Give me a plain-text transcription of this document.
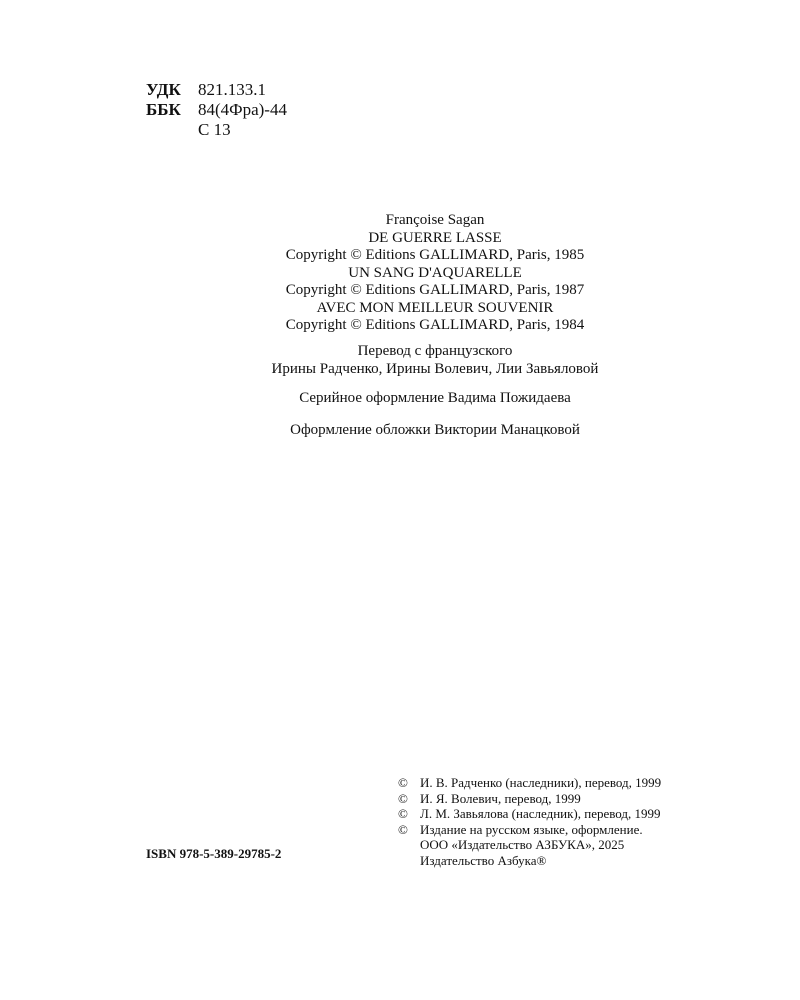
УДК	821.133.1
ББК	84(4Фра)-44
С 13
Françoise Sagan
DE GUERRE LASSE
Copyright © Editions GALLIMARD, Paris, 1985
UN SANG D'AQUARELLE
Copyright © Editions GALLIMARD, Paris, 1987
AVEC MON MEILLEUR SOUVENIR
Copyright © Editions GALLIMARD, Paris, 1984
Перевод с французского
Ирины Радченко, Ирины Волевич, Лии Завьяловой
Серийное оформление Вадима Пожидаева
Оформление обложки Виктории Манацковой
ISBN 978-5-389-29785-2
© И. В. Радченко (наследники), перевод, 1999
© И. Я. Волевич, перевод, 1999
© Л. М. Завьялова (наследник), перевод, 1999
© Издание на русском языке, оформление.
ООО «Издательство АЗБУКА», 2025
Издательство Азбука®
